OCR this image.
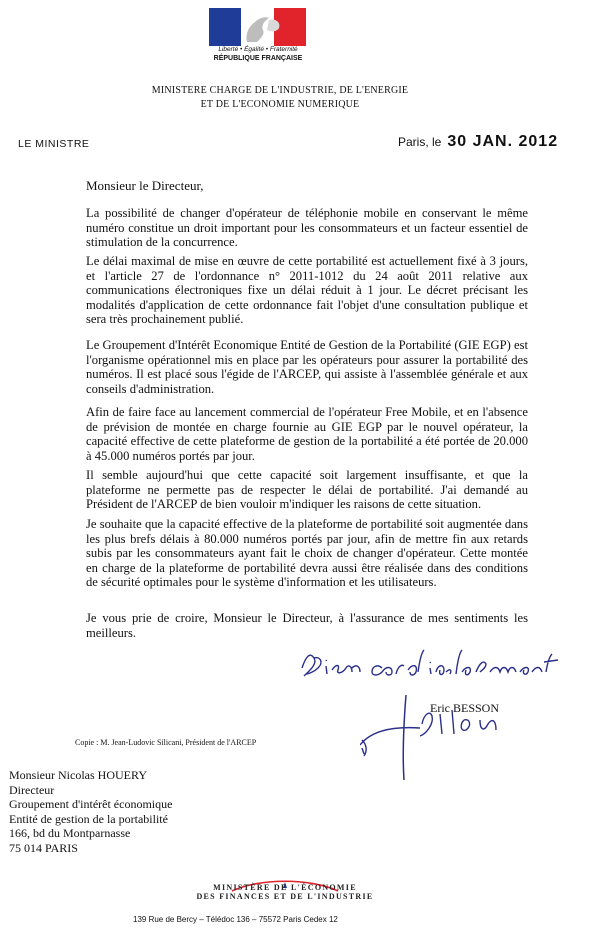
Liberté • Égalité • Fraternité
RÉPUBLIQUE FRANÇAISE
MINISTERE CHARGE DE L'INDUSTRIE, DE L'ENERGIE
ET DE L'ECONOMIE NUMERIQUE
LE MINISTRE	Paris, le 30 JAN. 2012
Monsieur le Directeur,
La possibilité de changer d'opérateur de téléphonie mobile en conservant le même numéro constitue un droit important pour les consommateurs et un facteur essentiel de stimulation de la concurrence.
Le délai maximal de mise en œuvre de cette portabilité est actuellement fixé à 3 jours, et l'article 27 de l'ordonnance n° 2011-1012 du 24 août 2011 relative aux communications électroniques fixe un délai réduit à 1 jour. Le décret précisant les modalités d'application de cette ordonnance fait l'objet d'une consultation publique et sera très prochainement publié.
Le Groupement d'Intérêt Economique Entité de Gestion de la Portabilité (GIE EGP) est l'organisme opérationnel mis en place par les opérateurs pour assurer la portabilité des numéros. Il est placé sous l'égide de l'ARCEP, qui assiste à l'assemblée générale et aux conseils d'administration.
Afin de faire face au lancement commercial de l'opérateur Free Mobile, et en l'absence de prévision de montée en charge fournie au GIE EGP par le nouvel opérateur, la capacité effective de cette plateforme de gestion de la portabilité a été portée de 20.000 à 45.000 numéros portés par jour.
Il semble aujourd'hui que cette capacité soit largement insuffisante, et que la plateforme ne permette pas de respecter le délai de portabilité. J'ai demandé au Président de l'ARCEP de bien vouloir m'indiquer les raisons de cette situation.
Je souhaite que la capacité effective de la plateforme de portabilité soit augmentée dans les plus brefs délais à 80.000 numéros portés par jour, afin de mettre fin aux retards subis par les consommateurs ayant fait le choix de changer d'opérateur. Cette montée en charge de la plateforme de portabilité devra aussi être réalisée dans des conditions de sécurité optimales pour le système d'information et les utilisateurs.
Je vous prie de croire, Monsieur le Directeur, à l'assurance de mes sentiments les meilleurs.
Eric BESSON
Copie : M. Jean-Ludovic Silicani, Président de l'ARCEP
Monsieur Nicolas HOUERY
Directeur
Groupement d'intérêt économique
Entité de gestion de la portabilité
166, bd du Montparnasse
75 014 PARIS
MINISTÈRE DE L'ÉCONOMIE
DES FINANCES ET DE L'INDUSTRIE
139 Rue de Bercy – Télédoc 136 – 75572 Paris Cedex 12
